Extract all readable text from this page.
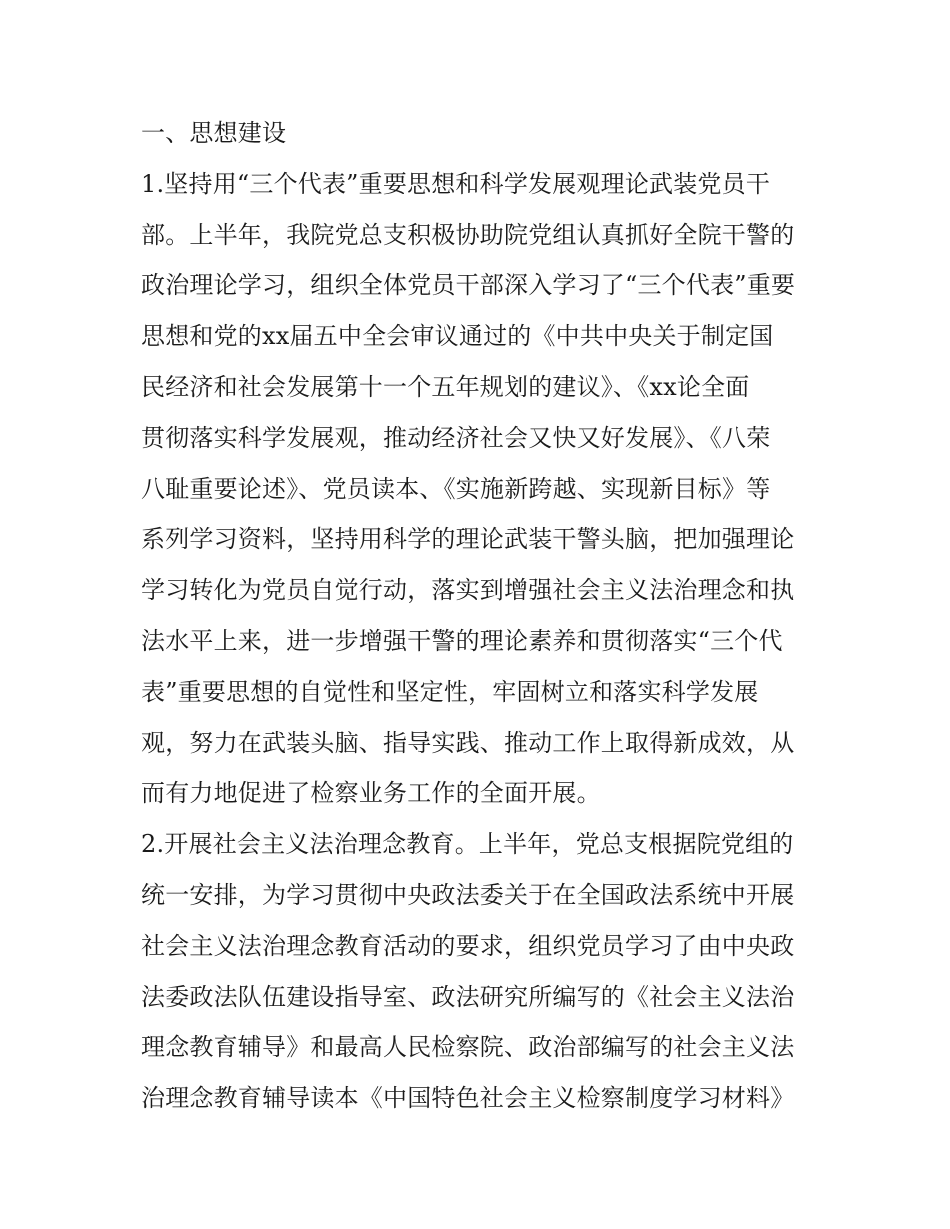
一、思想建设
1.坚持用“三个代表”重要思想和科学发展观理论武装党员干
部。上半年，我院党总支积极协助院党组认真抓好全院干警的
政治理论学习，组织全体党员干部深入学习了“三个代表”重要
思想和党的xx届五中全会审议通过的《中共中央关于制定国
民经济和社会发展第十一个五年规划的建议》、《xx论全面
贯彻落实科学发展观，推动经济社会又快又好发展》、《八荣
八耻重要论述》、党员读本、《实施新跨越、实现新目标》等
系列学习资料，坚持用科学的理论武装干警头脑，把加强理论
学习转化为党员自觉行动，落实到增强社会主义法治理念和执
法水平上来，进一步增强干警的理论素养和贯彻落实“三个代
表”重要思想的自觉性和坚定性，牢固树立和落实科学发展
观，努力在武装头脑、指导实践、推动工作上取得新成效，从
而有力地促进了检察业务工作的全面开展。
2.开展社会主义法治理念教育。上半年，党总支根据院党组的
统一安排，为学习贯彻中央政法委关于在全国政法系统中开展
社会主义法治理念教育活动的要求，组织党员学习了由中央政
法委政法队伍建设指导室、政法研究所编写的《社会主义法治
理念教育辅导》和最高人民检察院、政治部编写的社会主义法
治理念教育辅导读本《中国特色社会主义检察制度学习材料》
